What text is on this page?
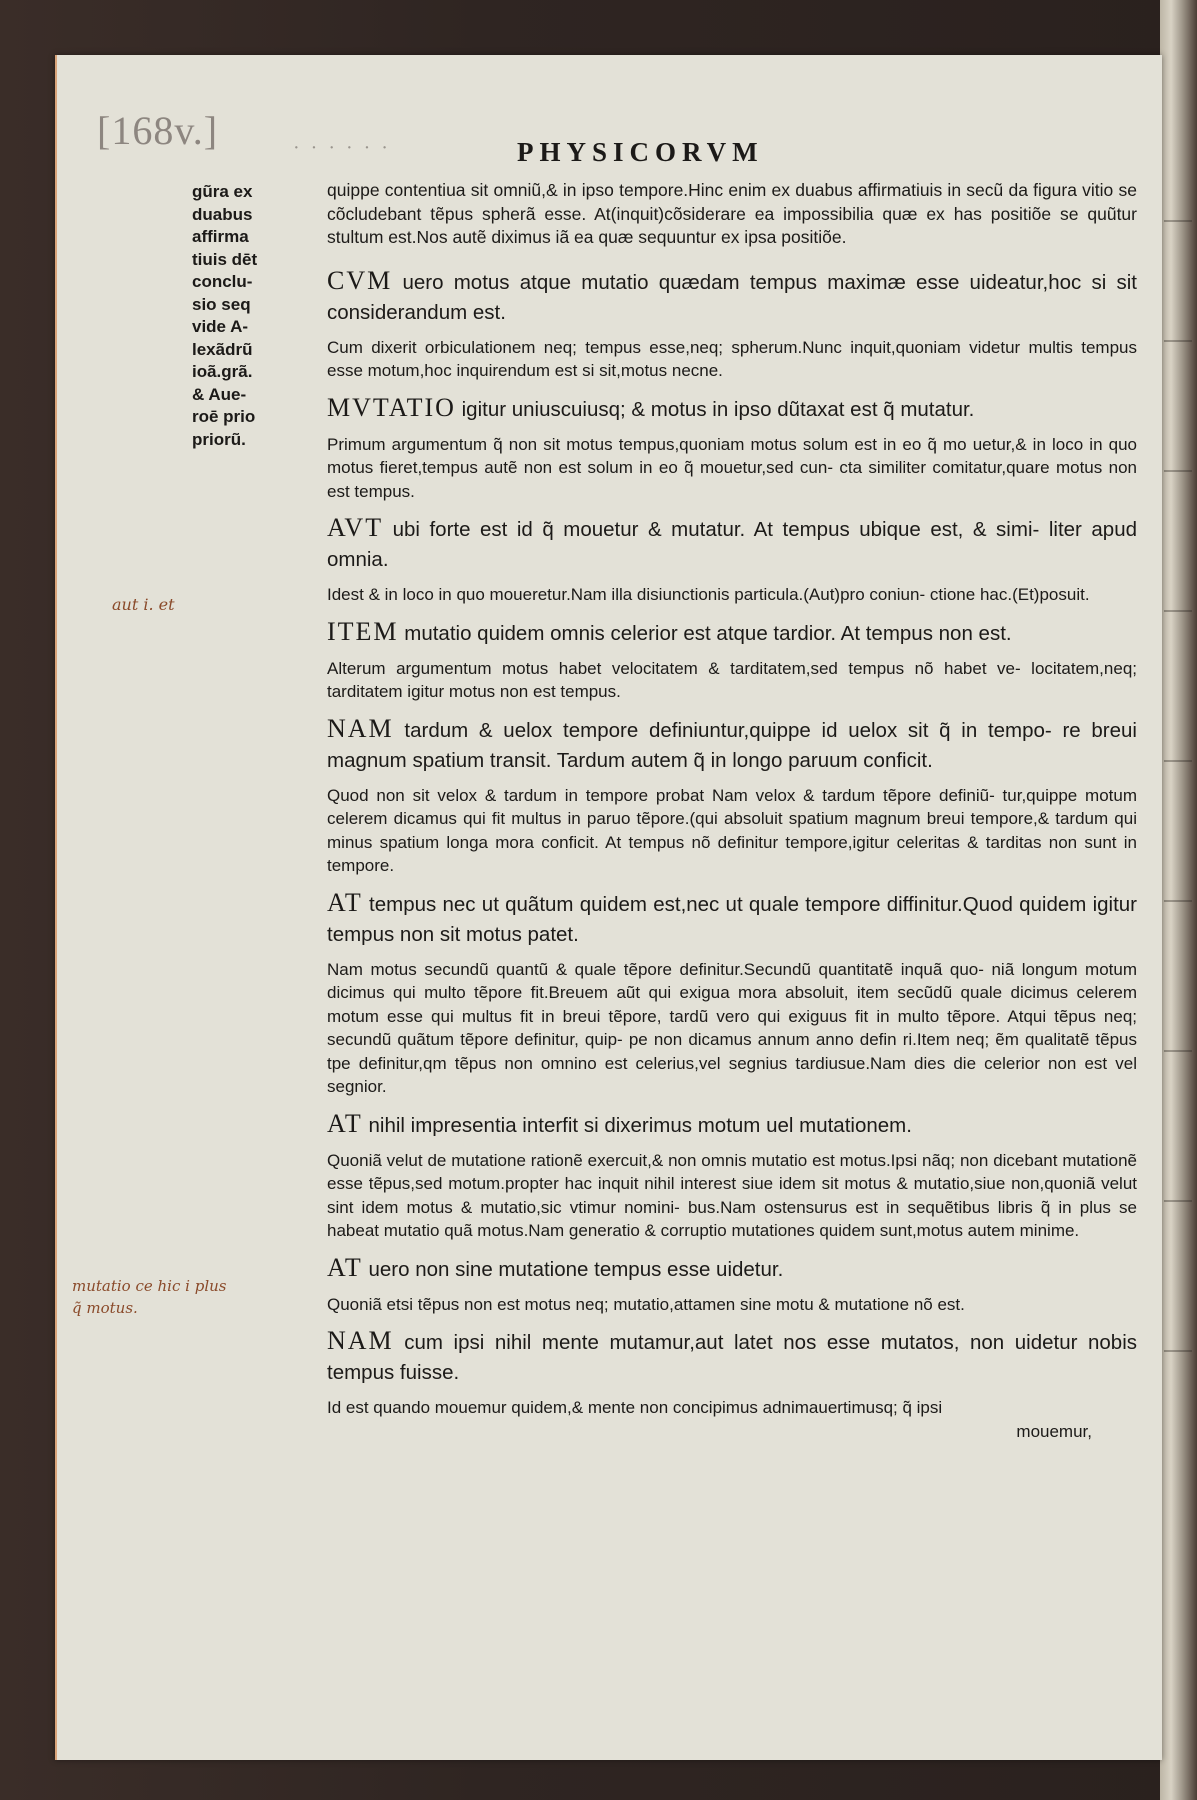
[168v.]	· · · · · ·	PHYSICORVM
gũra ex
duabus
affirma
tiuis dēt
conclu-
sio seq
vide A-
lexãdrũ
ioã.grã.
& Aue-
roē prio
priorũ.
aut i. et
mutatio ce hic i plus q̃ motus.

quippe contentiua sit omniũ,& in ipso tempore.Hinc enim ex duabus affirmatiuis in secũ da figura vitio se cõcludebant tẽpus spherã esse. At(inquit)cõsiderare ea impossibilia quæ ex has positiõe se quũtur stultum est.Nos autẽ diximus iã ea quæ sequuntur ex ipsa positiõe.

CVM uero motus atque mutatio quædam tempus maximæ esse uideatur,hoc si sit considerandum est.

Cum dixerit orbiculationem neq; tempus esse,neq; spherum.Nunc inquit,quoniam videtur multis tempus esse motum,hoc inquirendum est si sit,motus necne.

MVTATIO igitur uniuscuiusq; & motus in ipso dũtaxat est q̃ mutatur.

Primum argumentum q̃ non sit motus tempus,quoniam motus solum est in eo q̃ mo uetur,& in loco in quo motus fieret,tempus autẽ non est solum in eo q̃ mouetur,sed cun- cta similiter comitatur,quare motus non est tempus.

AVT ubi forte est id q̃ mouetur & mutatur. At tempus ubique est, & simi- liter apud omnia.

Idest & in loco in quo moueretur.Nam illa disiunctionis particula.(Aut)pro coniun- ctione hac.(Et)posuit.

ITEM mutatio quidem omnis celerior est atque tardior. At tempus non est.

Alterum argumentum motus habet velocitatem & tarditatem,sed tempus nõ habet ve- locitatem,neq; tarditatem igitur motus non est tempus.

NAM tardum & uelox tempore definiuntur,quippe id uelox sit q̃ in tempo- re breui magnum spatium transit. Tardum autem q̃ in longo paruum conficit.

Quod non sit velox & tardum in tempore probat Nam velox & tardum tẽpore definiũ- tur,quippe motum celerem dicamus qui fit multus in paruo tẽpore.(qui absoluit spatium magnum breui tempore,& tardum qui minus spatium longa mora conficit. At tempus nõ definitur tempore,igitur celeritas & tarditas non sunt in tempore.

AT tempus nec ut quãtum quidem est,nec ut quale tempore diffinitur.Quod quidem igitur tempus non sit motus patet.

Nam motus secundũ quantũ & quale tẽpore definitur.Secundũ quantitatẽ inquã quo- niã longum motum dicimus qui multo tẽpore fit.Breuem aũt qui exigua mora absoluit, item secũdũ quale dicimus celerem motum esse qui multus fit in breui tẽpore, tardũ vero qui exiguus fit in multo tẽpore. Atqui tẽpus neq; secundũ quãtum tẽpore definitur, quip- pe non dicamus annum anno defin ri.Item neq; ẽm qualitatẽ tẽpus tpe definitur,qm tẽpus non omnino est celerius,vel segnius tardiusue.Nam dies die celerior non est vel segnior.

AT nihil impresentia interfit si dixerimus motum uel mutationem.

Quoniã velut de mutatione rationẽ exercuit,& non omnis mutatio est motus.Ipsi nãq; non dicebant mutationẽ esse tẽpus,sed motum.propter hac inquit nihil interest siue idem sit motus & mutatio,siue non,quoniã velut sint idem motus & mutatio,sic vtimur nomini- bus.Nam ostensurus est in sequẽtibus libris q̃ in plus se habeat mutatio quã motus.Nam generatio & corruptio mutationes quidem sunt,motus autem minime.

AT uero non sine mutatione tempus esse uidetur.

Quoniã etsi tẽpus non est motus neq; mutatio,attamen sine motu & mutatione nõ est.

NAM cum ipsi nihil mente mutamur,aut latet nos esse mutatos, non uidetur nobis tempus fuisse.

Id est quando mouemur quidem,& mente non concipimus adnimauertimusq; q̃ ipsi
mouemur,
